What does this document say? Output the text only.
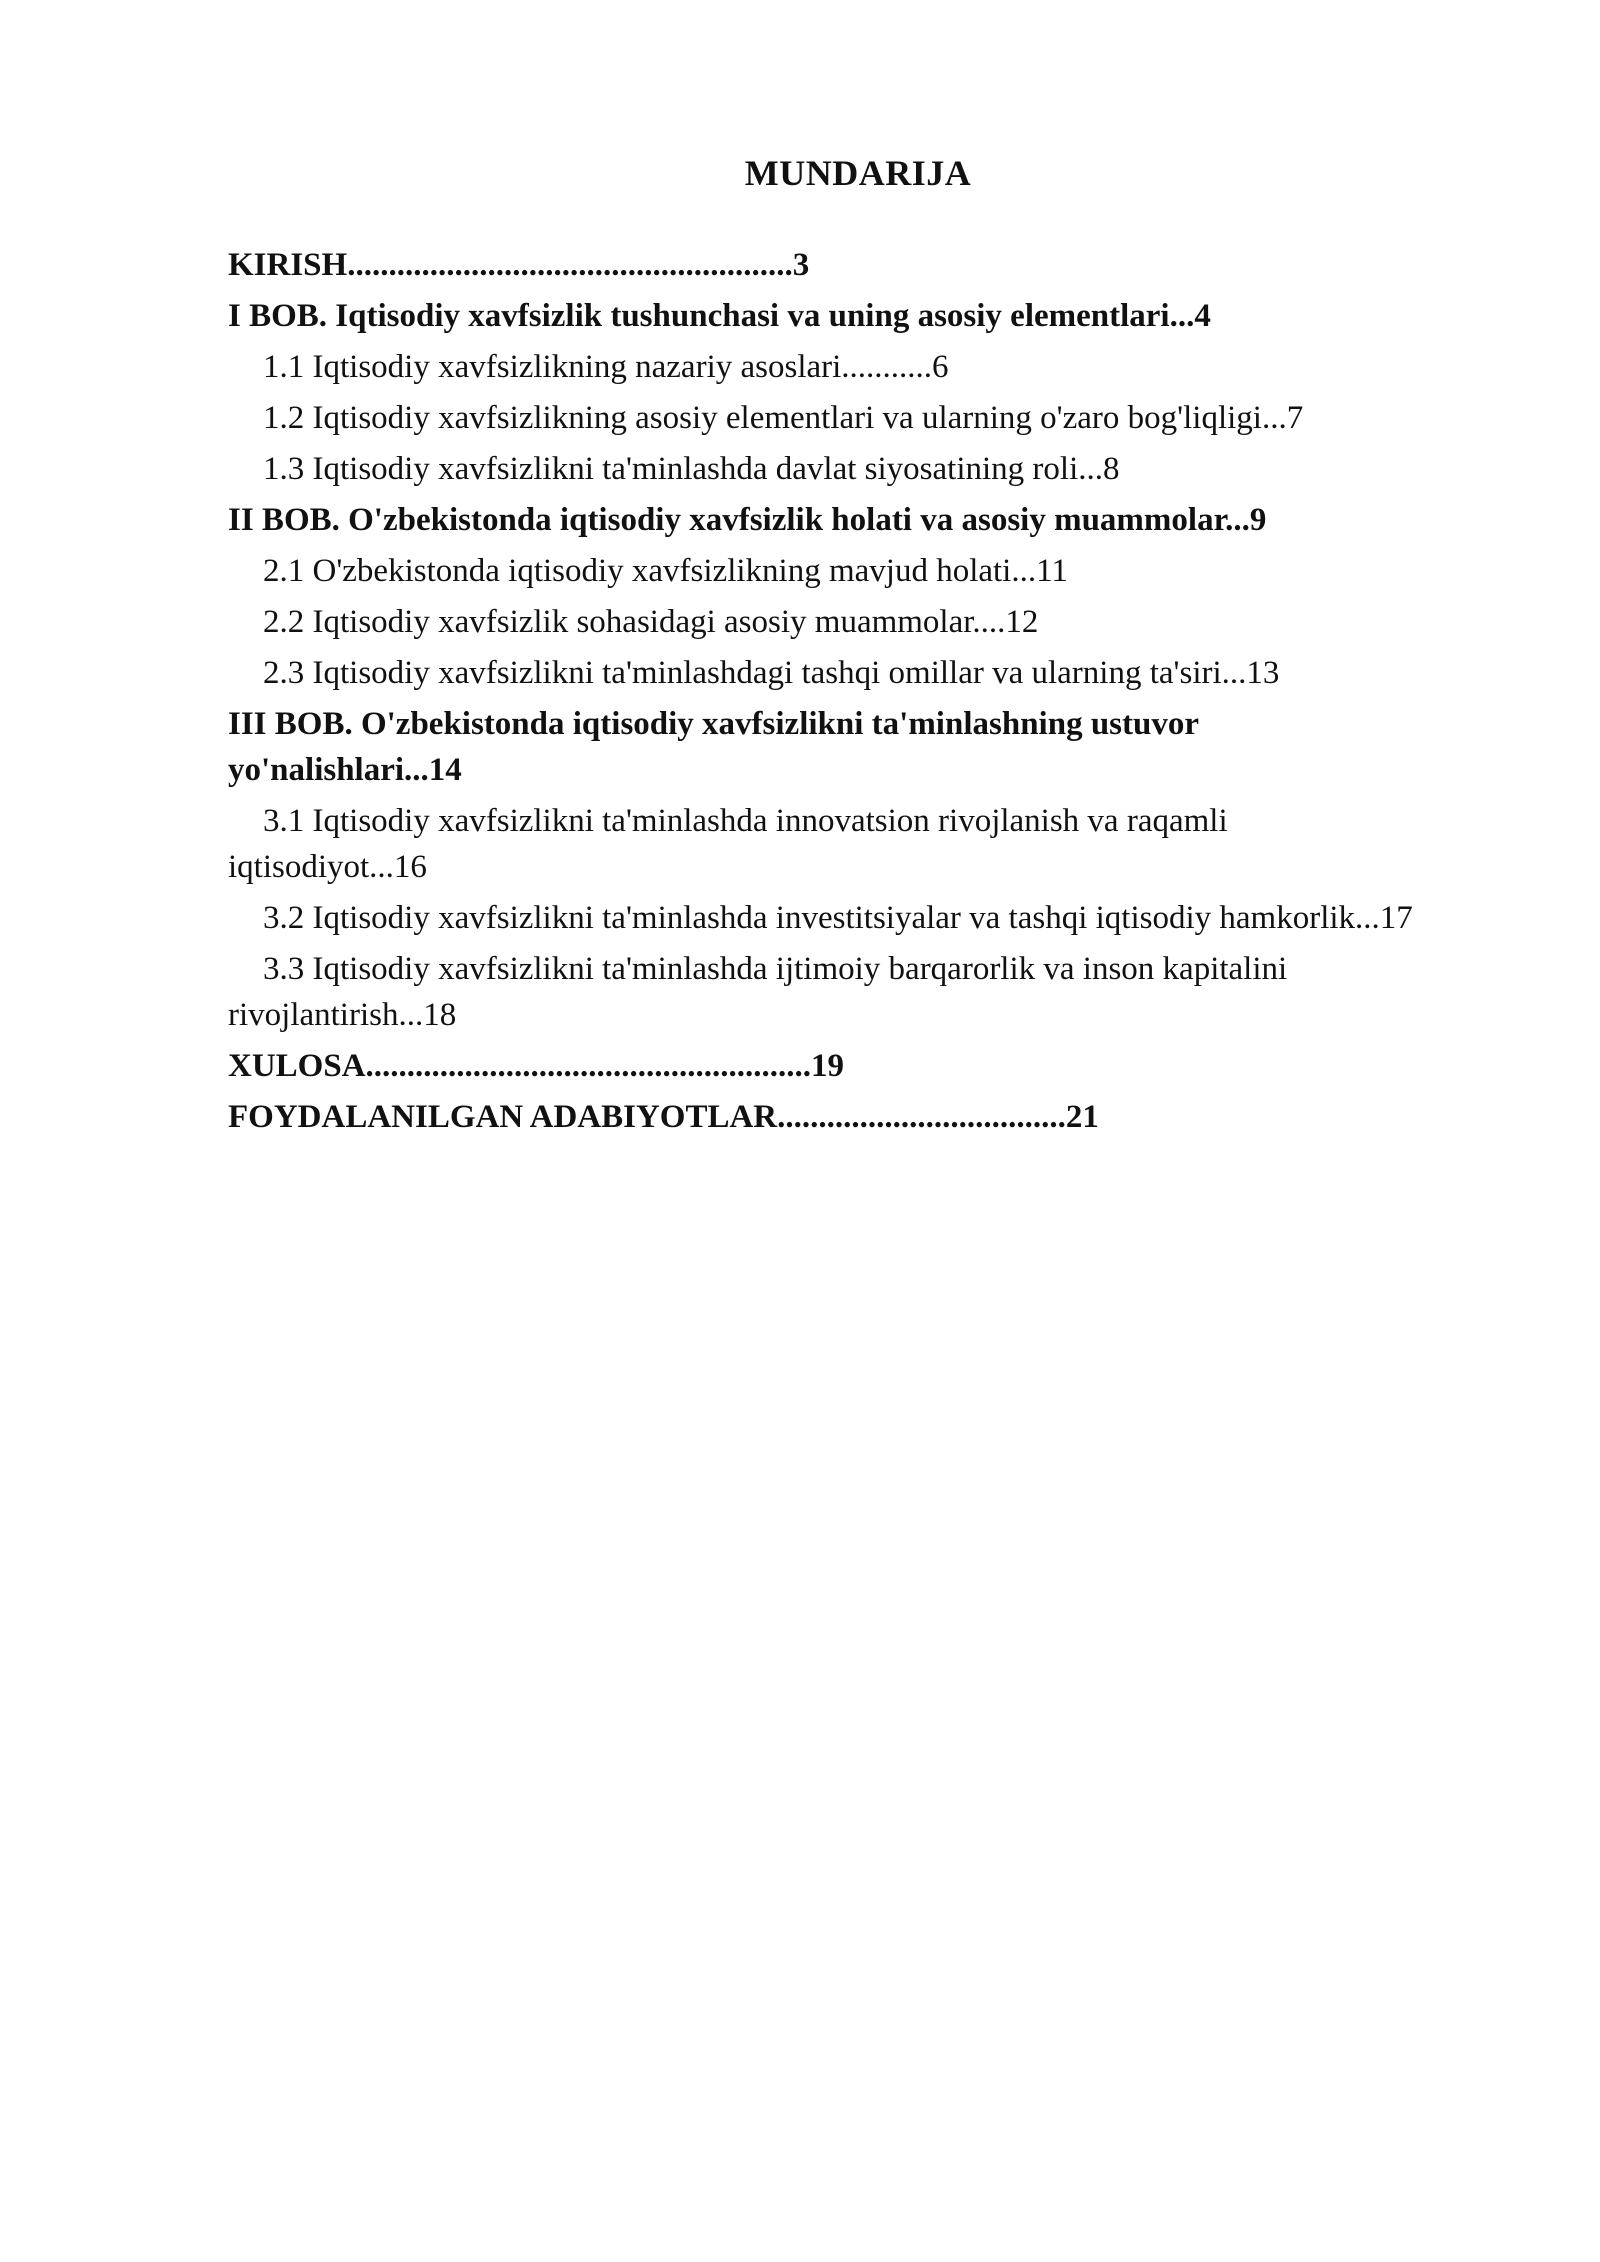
MUNDARIJA
KIRISH......................................................3
I BOB. Iqtisodiy xavfsizlik tushunchasi va uning asosiy elementlari...4
1.1 Iqtisodiy xavfsizlikning nazariy asoslari...........6
1.2 Iqtisodiy xavfsizlikning asosiy elementlari va ularning o'zaro bog'liqligi...7
1.3 Iqtisodiy xavfsizlikni ta'minlashda davlat siyosatining roli...8
II BOB. O'zbekistonda iqtisodiy xavfsizlik holati va asosiy muammolar...9
2.1 O'zbekistonda iqtisodiy xavfsizlikning mavjud holati...11
2.2 Iqtisodiy xavfsizlik sohasidagi asosiy muammolar....12
2.3 Iqtisodiy xavfsizlikni ta'minlashdagi tashqi omillar va ularning ta'siri...13
III BOB. O'zbekistonda iqtisodiy xavfsizlikni ta'minlashning ustuvor yo'nalishlari...14
3.1 Iqtisodiy xavfsizlikni ta'minlashda innovatsion rivojlanish va raqamli iqtisodiyot...16
3.2 Iqtisodiy xavfsizlikni ta'minlashda investitsiyalar va tashqi iqtisodiy hamkorlik...17
3.3 Iqtisodiy xavfsizlikni ta'minlashda ijtimoiy barqarorlik va inson kapitalini rivojlantirish...18
XULOSA......................................................19
FOYDALANILGAN ADABIYOTLAR...................................21
